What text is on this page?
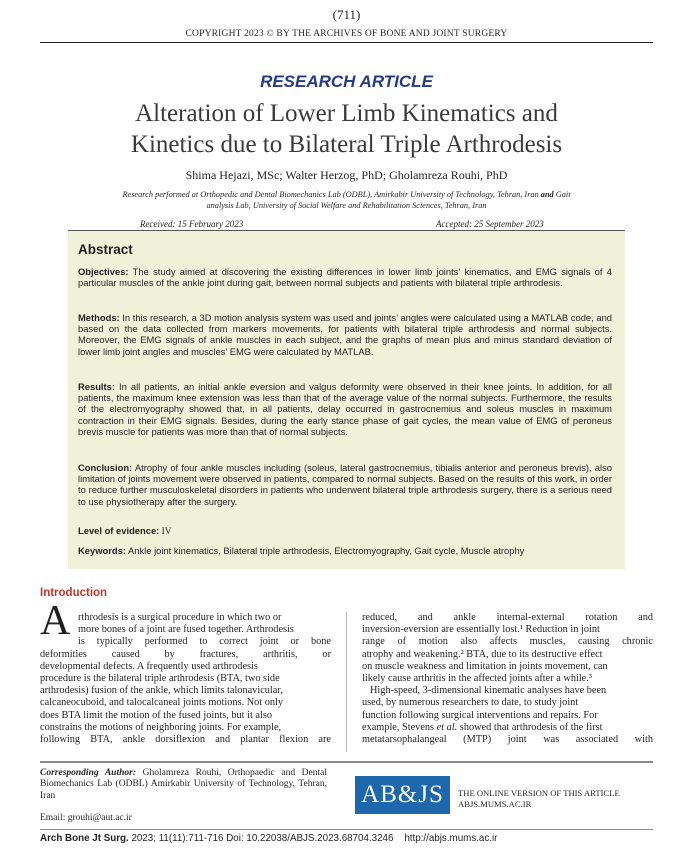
(711)
COPYRIGHT 2023 © BY THE ARCHIVES OF BONE AND JOINT SURGERY
RESEARCH ARTICLE
Alteration of Lower Limb Kinematics and
Kinetics due to Bilateral Triple Arthrodesis
Shima Hejazi, MSc; Walter Herzog, PhD; Gholamreza Rouhi, PhD
Research performed at Orthopedic and Dental Biomechanics Lab (ODBL), Amirkabir University of Technology, Tehran, Iran and Gait
analysis Lab, University of Social Welfare and Rehabilitation Sciences, Tehran, Iran
Received: 15 February 2023	Accepted: 25 September 2023
Abstract
Objectives: The study aimed at discovering the existing differences in lower limb joints' kinematics, and EMG signals of 4 particular muscles of the ankle joint during gait, between normal subjects and patients with bilateral triple arthrodesis.
Methods: In this research, a 3D motion analysis system was used and joints’ angles were calculated using a MATLAB code, and based on the data collected from markers movements, for patients with bilateral triple arthrodesis and normal subjects. Moreover, the EMG signals of ankle muscles in each subject, and the graphs of mean plus and minus standard deviation of lower limb joint angles and muscles’ EMG were calculated by MATLAB.
Results: In all patients, an initial ankle eversion and valgus deformity were observed in their knee joints. In addition, for all patients, the maximum knee extension was less than that of the average value of the normal subjects. Furthermore, the results of the electromyography showed that, in all patients, delay occurred in gastrocnemius and soleus muscles in maximum contraction in their EMG signals. Besides, during the early stance phase of gait cycles, the mean value of EMG of peroneus brevis muscle for patients was more than that of normal subjects.
Conclusion: Atrophy of four ankle muscles including (soleus, lateral gastrocnemius, tibialis anterior and peroneus brevis), also limitation of joints movement were observed in patients, compared to normal subjects. Based on the results of this work, in order to reduce further musculoskeletal disorders in patients who underwent bilateral triple arthrodesis surgery, there is a serious need to use physiotherapy after the surgery.
Level of evidence: IV
Keywords: Ankle joint kinematics, Bilateral triple arthrodesis, Electromyography, Gait cycle, Muscle atrophy
Introduction
A rthrodesis is a surgical procedure in which two or
more bones of a joint are fused together. Arthrodesis
is typically performed to correct joint or bone
deformities caused by fractures, arthritis, or
developmental defects. A frequently used arthrodesis
procedure is the bilateral triple arthrodesis (BTA, two side
arthrodesis) fusion of the ankle, which limits talonavicular,
calcaneocuboid, and talocalcaneal joints motions. Not only
does BTA limit the motion of the fused joints, but it also
constrains the motions of neighboring joints. For example,
following BTA, ankle dorsiflexion and plantar flexion are
reduced, and ankle internal-external rotation and
inversion-eversion are essentially lost.¹ Reduction in joint
range of motion also affects muscles, causing chronic
atrophy and weakening.² BTA, due to its destructive effect
on muscle weakness and limitation in joints movement, can
likely cause arthritis in the affected joints after a while.³
High-speed, 3-dimensional kinematic analyses have been
used, by numerous researchers to date, to study joint
function following surgical interventions and repairs. For
example, Stevens et al. showed that arthrodesis of the first
metatarsophalangeal (MTP) joint was associated with
Corresponding Author: Gholamreza Rouhi, Orthopaedic and Dental Biomechanics Lab (ODBL) Amirkabir University of Technology, Tehran, Iran
Email: grouhi@aut.ac.ir
AB&JS	THE ONLINE VERSION OF THIS ARTICLE
ABJS.MUMS.AC.IR
Arch Bone Jt Surg. 2023; 11(11):711-716 Doi: 10.22038/ABJS.2023.68704.3246    http://abjs.mums.ac.ir
